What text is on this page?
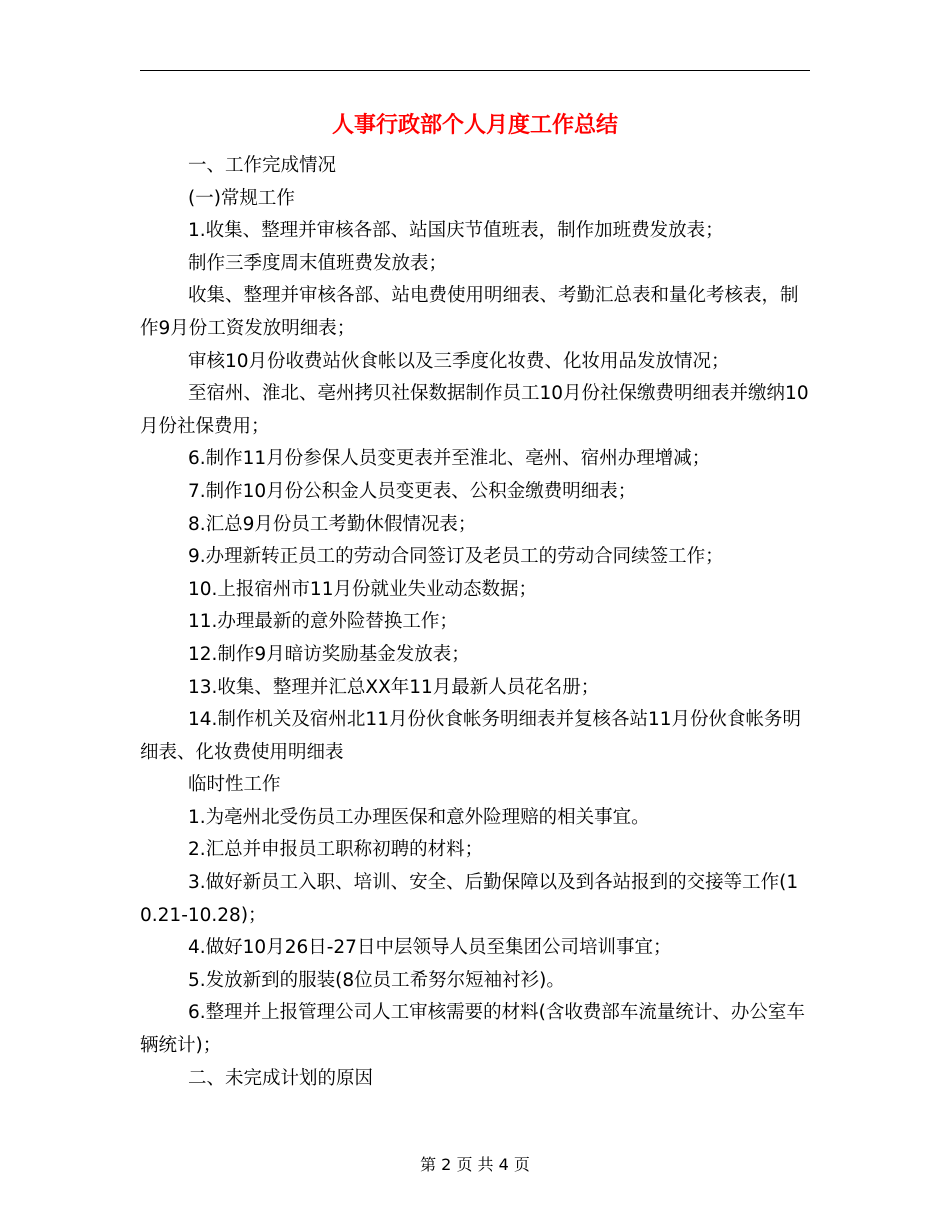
人事行政部个人月度工作总结

一、工作完成情况

(一)常规工作

1.收集、整理并审核各部、站国庆节值班表，制作加班费发放表；

制作三季度周末值班费发放表；

收集、整理并审核各部、站电费使用明细表、考勤汇总表和量化考核表，制作9月份工资发放明细表；

审核10月份收费站伙食帐以及三季度化妆费、化妆用品发放情况；

至宿州、淮北、亳州拷贝社保数据制作员工10月份社保缴费明细表并缴纳10月份社保费用；

6.制作11月份参保人员变更表并至淮北、亳州、宿州办理增减；

7.制作10月份公积金人员变更表、公积金缴费明细表；

8.汇总9月份员工考勤休假情况表；

9.办理新转正员工的劳动合同签订及老员工的劳动合同续签工作；

10.上报宿州市11月份就业失业动态数据；

11.办理最新的意外险替换工作；

12.制作9月暗访奖励基金发放表；

13.收集、整理并汇总XX年11月最新人员花名册；

14.制作机关及宿州北11月份伙食帐务明细表并复核各站11月份伙食帐务明细表、化妆费使用明细表

临时性工作

1.为亳州北受伤员工办理医保和意外险理赔的相关事宜。

2.汇总并申报员工职称初聘的材料；

3.做好新员工入职、培训、安全、后勤保障以及到各站报到的交接等工作(10.21-10.28)；

4.做好10月26日-27日中层领导人员至集团公司培训事宜；

5.发放新到的服装(8位员工希努尔短袖衬衫)。

6.整理并上报管理公司人工审核需要的材料(含收费部车流量统计、办公室车辆统计)；

二、未完成计划的原因

第 2 页 共 4 页
